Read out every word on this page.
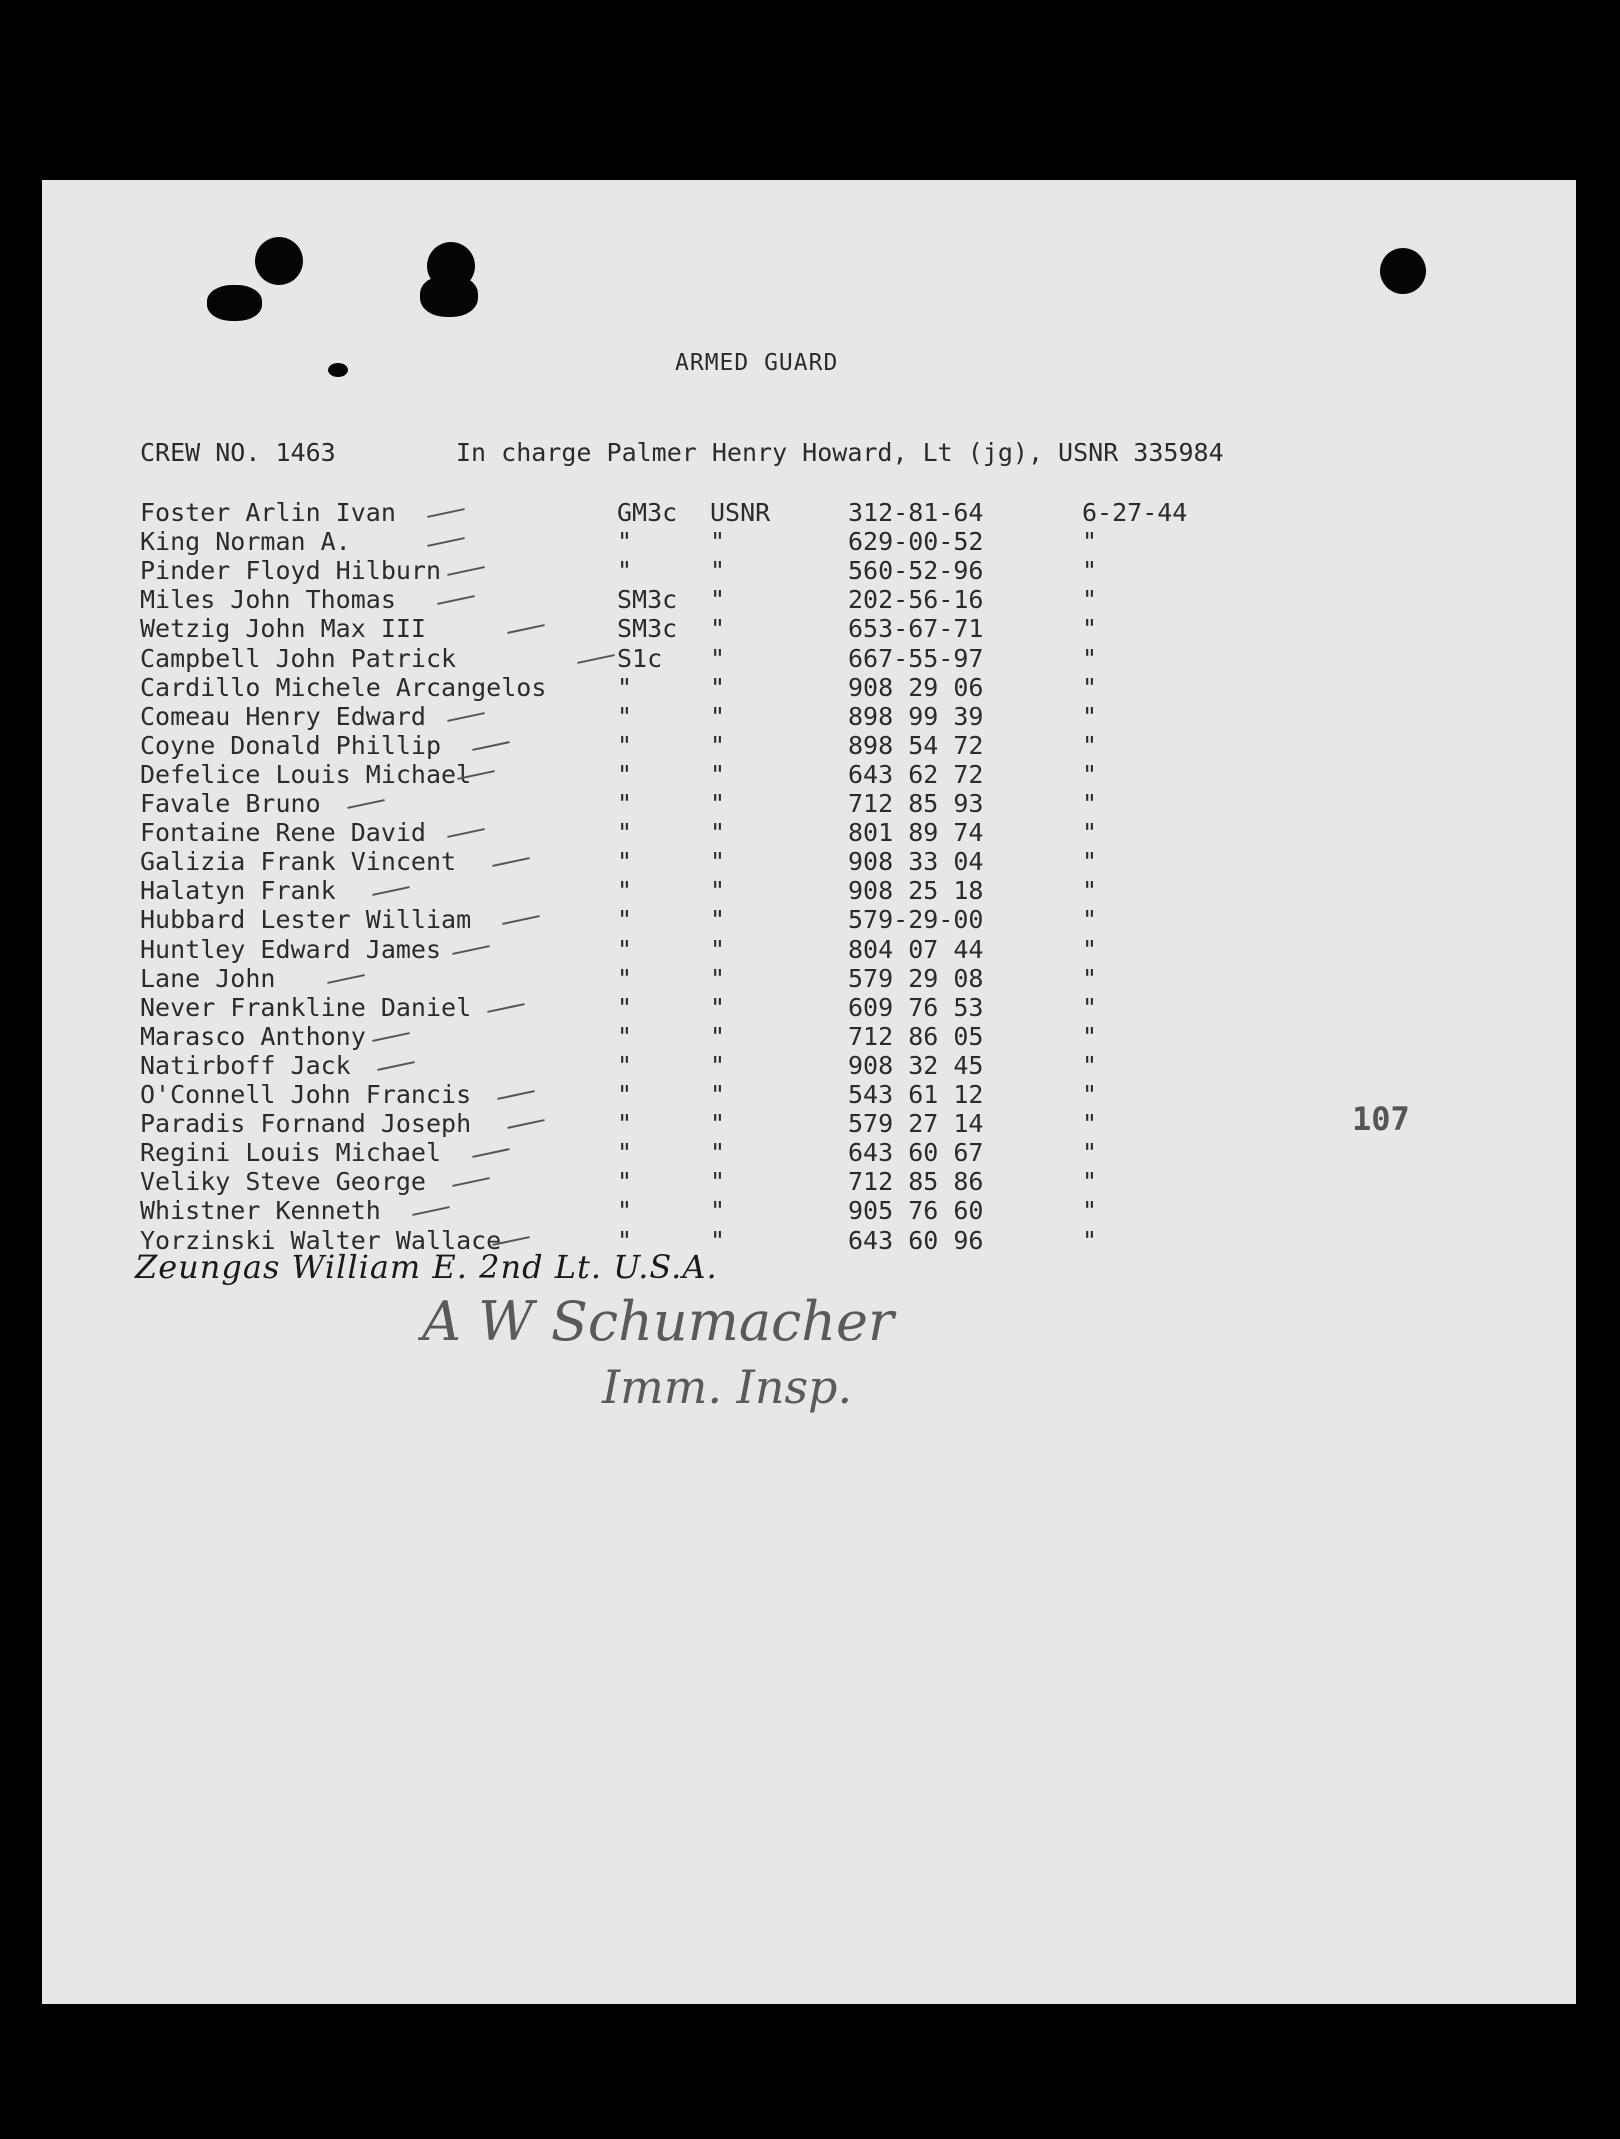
ARMED GUARD
CREW NO. 1463	In charge Palmer Henry Howard, Lt (jg), USNR 335984
Foster Arlin Ivan	GM3c USNR	312-81-64	6-27-44
King Norman A.	"	"	629-00-52	"
Pinder Floyd Hilburn	"	"	560-52-96	"
Miles John Thomas	SM3c "	202-56-16	"
Wetzig John Max III	SM3c "	653-67-71	"
Campbell John Patrick	S1c "	667-55-97	"
Cardillo Michele Arcangelos	"	"	908 29 06	"
Comeau Henry Edward	"	"	898 99 39	"
Coyne Donald Phillip	"	"	898 54 72	"
Defelice Louis Michael	"	"	643 62 72	"
Favale Bruno	"	"	712 85 93	"
Fontaine Rene David	"	"	801 89 74	"
Galizia Frank Vincent	"	"	908 33 04	"
Halatyn Frank	"	"	908 25 18	"
Hubbard Lester William	"	"	579-29-00	"
Huntley Edward James	"	"	804 07 44	"
Lane John	"	"	579 29 08	"
Never Frankline Daniel	"	"	609 76 53	"
Marasco Anthony	"	"	712 86 05	"
Natirboff Jack	"	"	908 32 45	"
O'Connell John Francis	"	"	543 61 12	"
Paradis Fornand Joseph	"	"	579 27 14	"
Regini Louis Michael	"	"	643 60 67	"
Veliky Steve George	"	"	712 85 86	"
Whistner Kenneth	"	"	905 76 60	"
Yorzinski Walter Wallace	"	"	643 60 96	"
107
Zeungas William E. 2nd Lt. U.S.A.
A W Schumacher
Imm. Insp.
